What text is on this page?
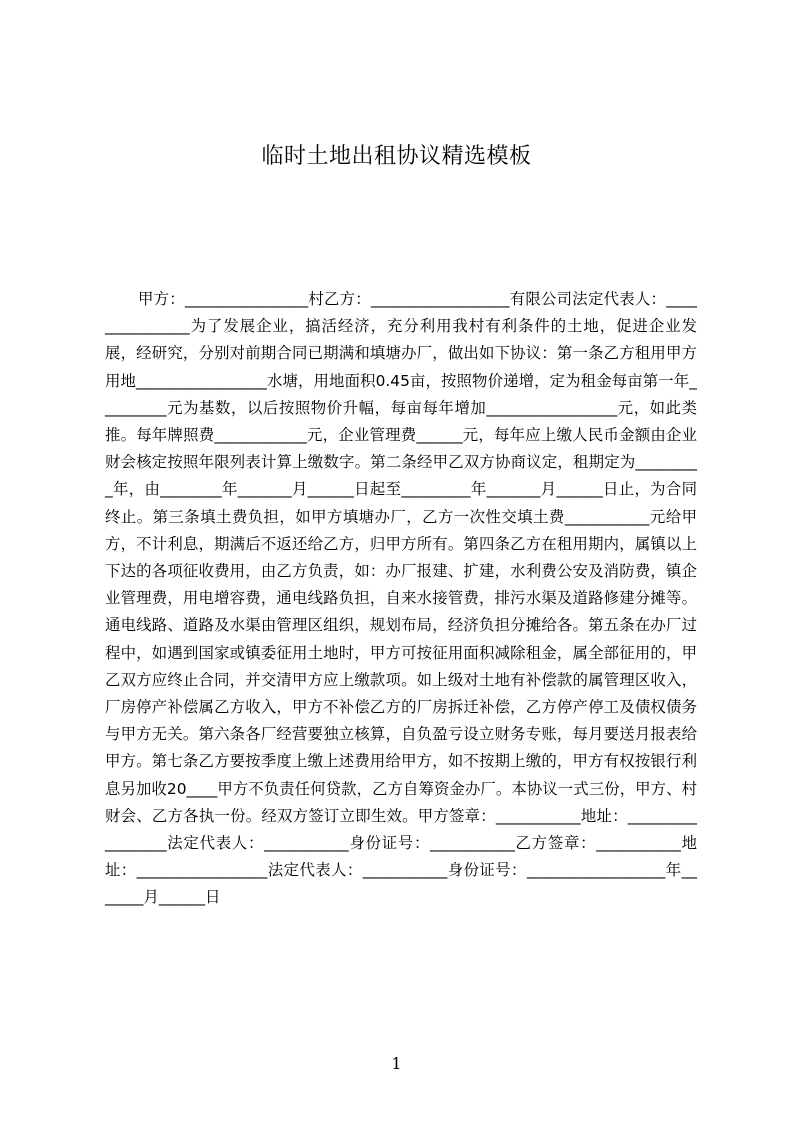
临时土地出租协议精选模板

甲方：________________村乙方：__________________有限公司法定代表人：_______________为了发展企业，搞活经济，充分利用我村有利条件的土地，促进企业发展，经研究，分别对前期合同已期满和填塘办厂，做出如下协议：第一条乙方租用甲方用地_________________水塘，用地面积0.45亩，按照物价递增，定为租金每亩第一年_________元为基数，以后按照物价升幅，每亩每年增加_________________元，如此类推。每年牌照费____________元，企业管理费______元，每年应上缴人民币金额由企业财会核定按照年限列表计算上缴数字。第二条经甲乙双方协商议定，租期定为_________年，由________年_______月______日起至_________年_______月______日止，为合同终止。第三条填土费负担，如甲方填塘办厂，乙方一次性交填土费___________元给甲方，不计利息，期满后不返还给乙方，归甲方所有。第四条乙方在租用期内，属镇以上下达的各项征收费用，由乙方负责，如：办厂报建、扩建，水利费公安及消防费，镇企业管理费，用电增容费，通电线路负担，自来水接管费，排污水渠及道路修建分摊等。通电线路、道路及水渠由管理区组织，规划布局，经济负担分摊给各。第五条在办厂过程中，如遇到国家或镇委征用土地时，甲方可按征用面积减除租金，属全部征用的，甲乙双方应终止合同，并交清甲方应上缴款项。如上级对土地有补偿款的属管理区收入，厂房停产补偿属乙方收入，甲方不补偿乙方的厂房拆迁补偿，乙方停产停工及债权债务与甲方无关。第六条各厂经营要独立核算，自负盈亏设立财务专账，每月要送月报表给甲方。第七条乙方要按季度上缴上述费用给甲方，如不按期上缴的，甲方有权按银行利息另加收20____甲方不负责任何贷款，乙方自筹资金办厂。本协议一式三份，甲方、村财会、乙方各执一份。经双方签订立即生效。甲方签章：___________地址：_________________法定代表人：___________身份证号：___________乙方签章：___________地址：_________________法定代表人：___________身份证号：__________________年_______月______日

1
